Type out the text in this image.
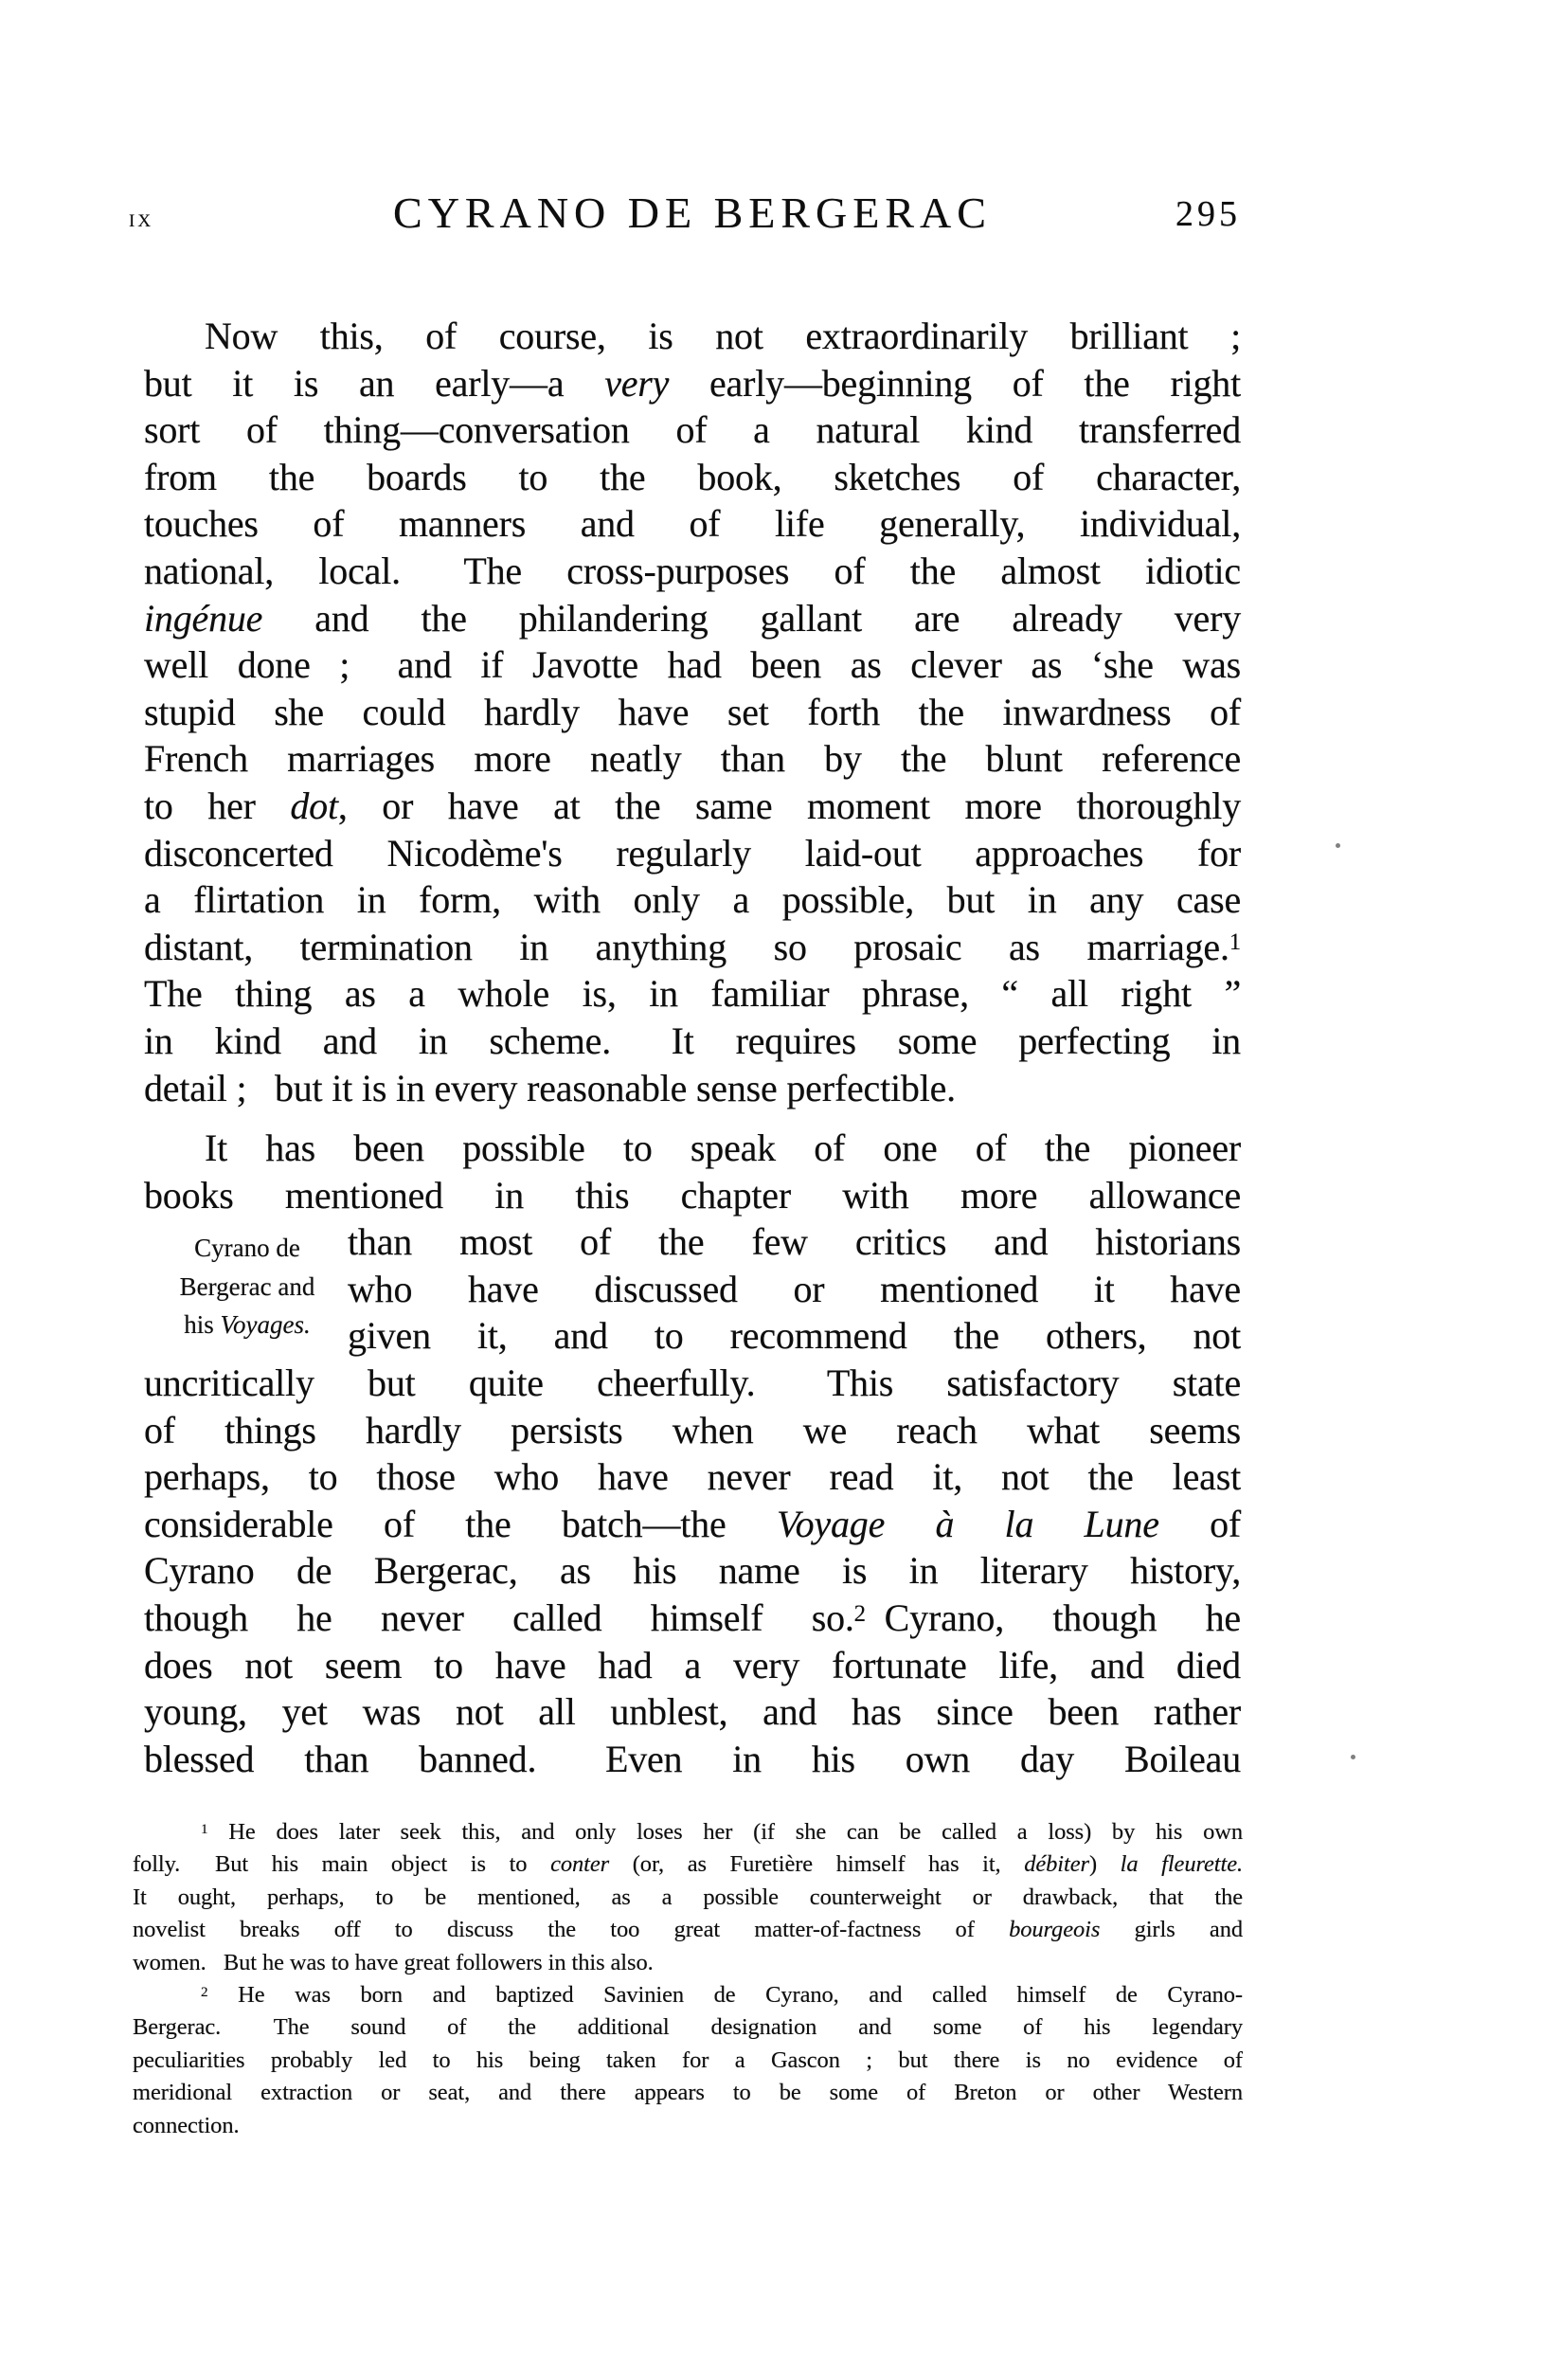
ix	CYRANO DE BERGERAC	295
Now this, of course, is not extraordinarily brilliant ;
but it is an early—a very early—beginning of the right
sort of thing—conversation of a natural kind transferred
from the boards to the book, sketches of character,
touches of manners and of life generally, individual,
national, local.  The cross-purposes of the almost idiotic
ingénue and the philandering gallant are already very
well done ;  and if Javotte had been as clever as ‘she was
stupid she could hardly have set forth the inwardness of
French marriages more neatly than by the blunt reference
to her dot, or have at the same moment more thoroughly
disconcerted Nicodème's regularly laid-out approaches for
a flirtation in form, with only a possible, but in any case
distant, termination in anything so prosaic as marriage.1
The thing as a whole is, in familiar phrase, “ all right ”
in kind and in scheme.  It requires some perfecting in
detail ;  but it is in every reasonable sense perfectible.
It has been possible to speak of one of the pioneer
books mentioned in this chapter with more allowance
than most of the few critics and historians
who have discussed or mentioned it have
given it, and to recommend the others, not
uncritically but quite cheerfully.  This satisfactory state
of things hardly persists when we reach what seems
perhaps, to those who have never read it, not the least
considerable of the batch—the Voyage à la Lune of
Cyrano de Bergerac, as his name is in literary history,
though he never called himself so.2 Cyrano, though he
does not seem to have had a very fortunate life, and died
young, yet was not all unblest, and has since been rather
blessed than banned.  Even in his own day Boileau
Cyrano de
Bergerac and
his Voyages.
1 He does later seek this, and only loses her (if she can be called a loss) by his own
folly.  But his main object is to conter (or, as Furetière himself has it, débiter) la fleurette.
It ought, perhaps, to be mentioned, as a possible counterweight or drawback, that the
novelist breaks off to discuss the too great matter-of-factness of bourgeois girls and
women.  But he was to have great followers in this also.
2 He was born and baptized Savinien de Cyrano, and called himself de Cyrano-
Bergerac.  The sound of the additional designation and some of his legendary
peculiarities probably led to his being taken for a Gascon ; but there is no evidence of
meridional extraction or seat, and there appears to be some of Breton or other Western
connection.
